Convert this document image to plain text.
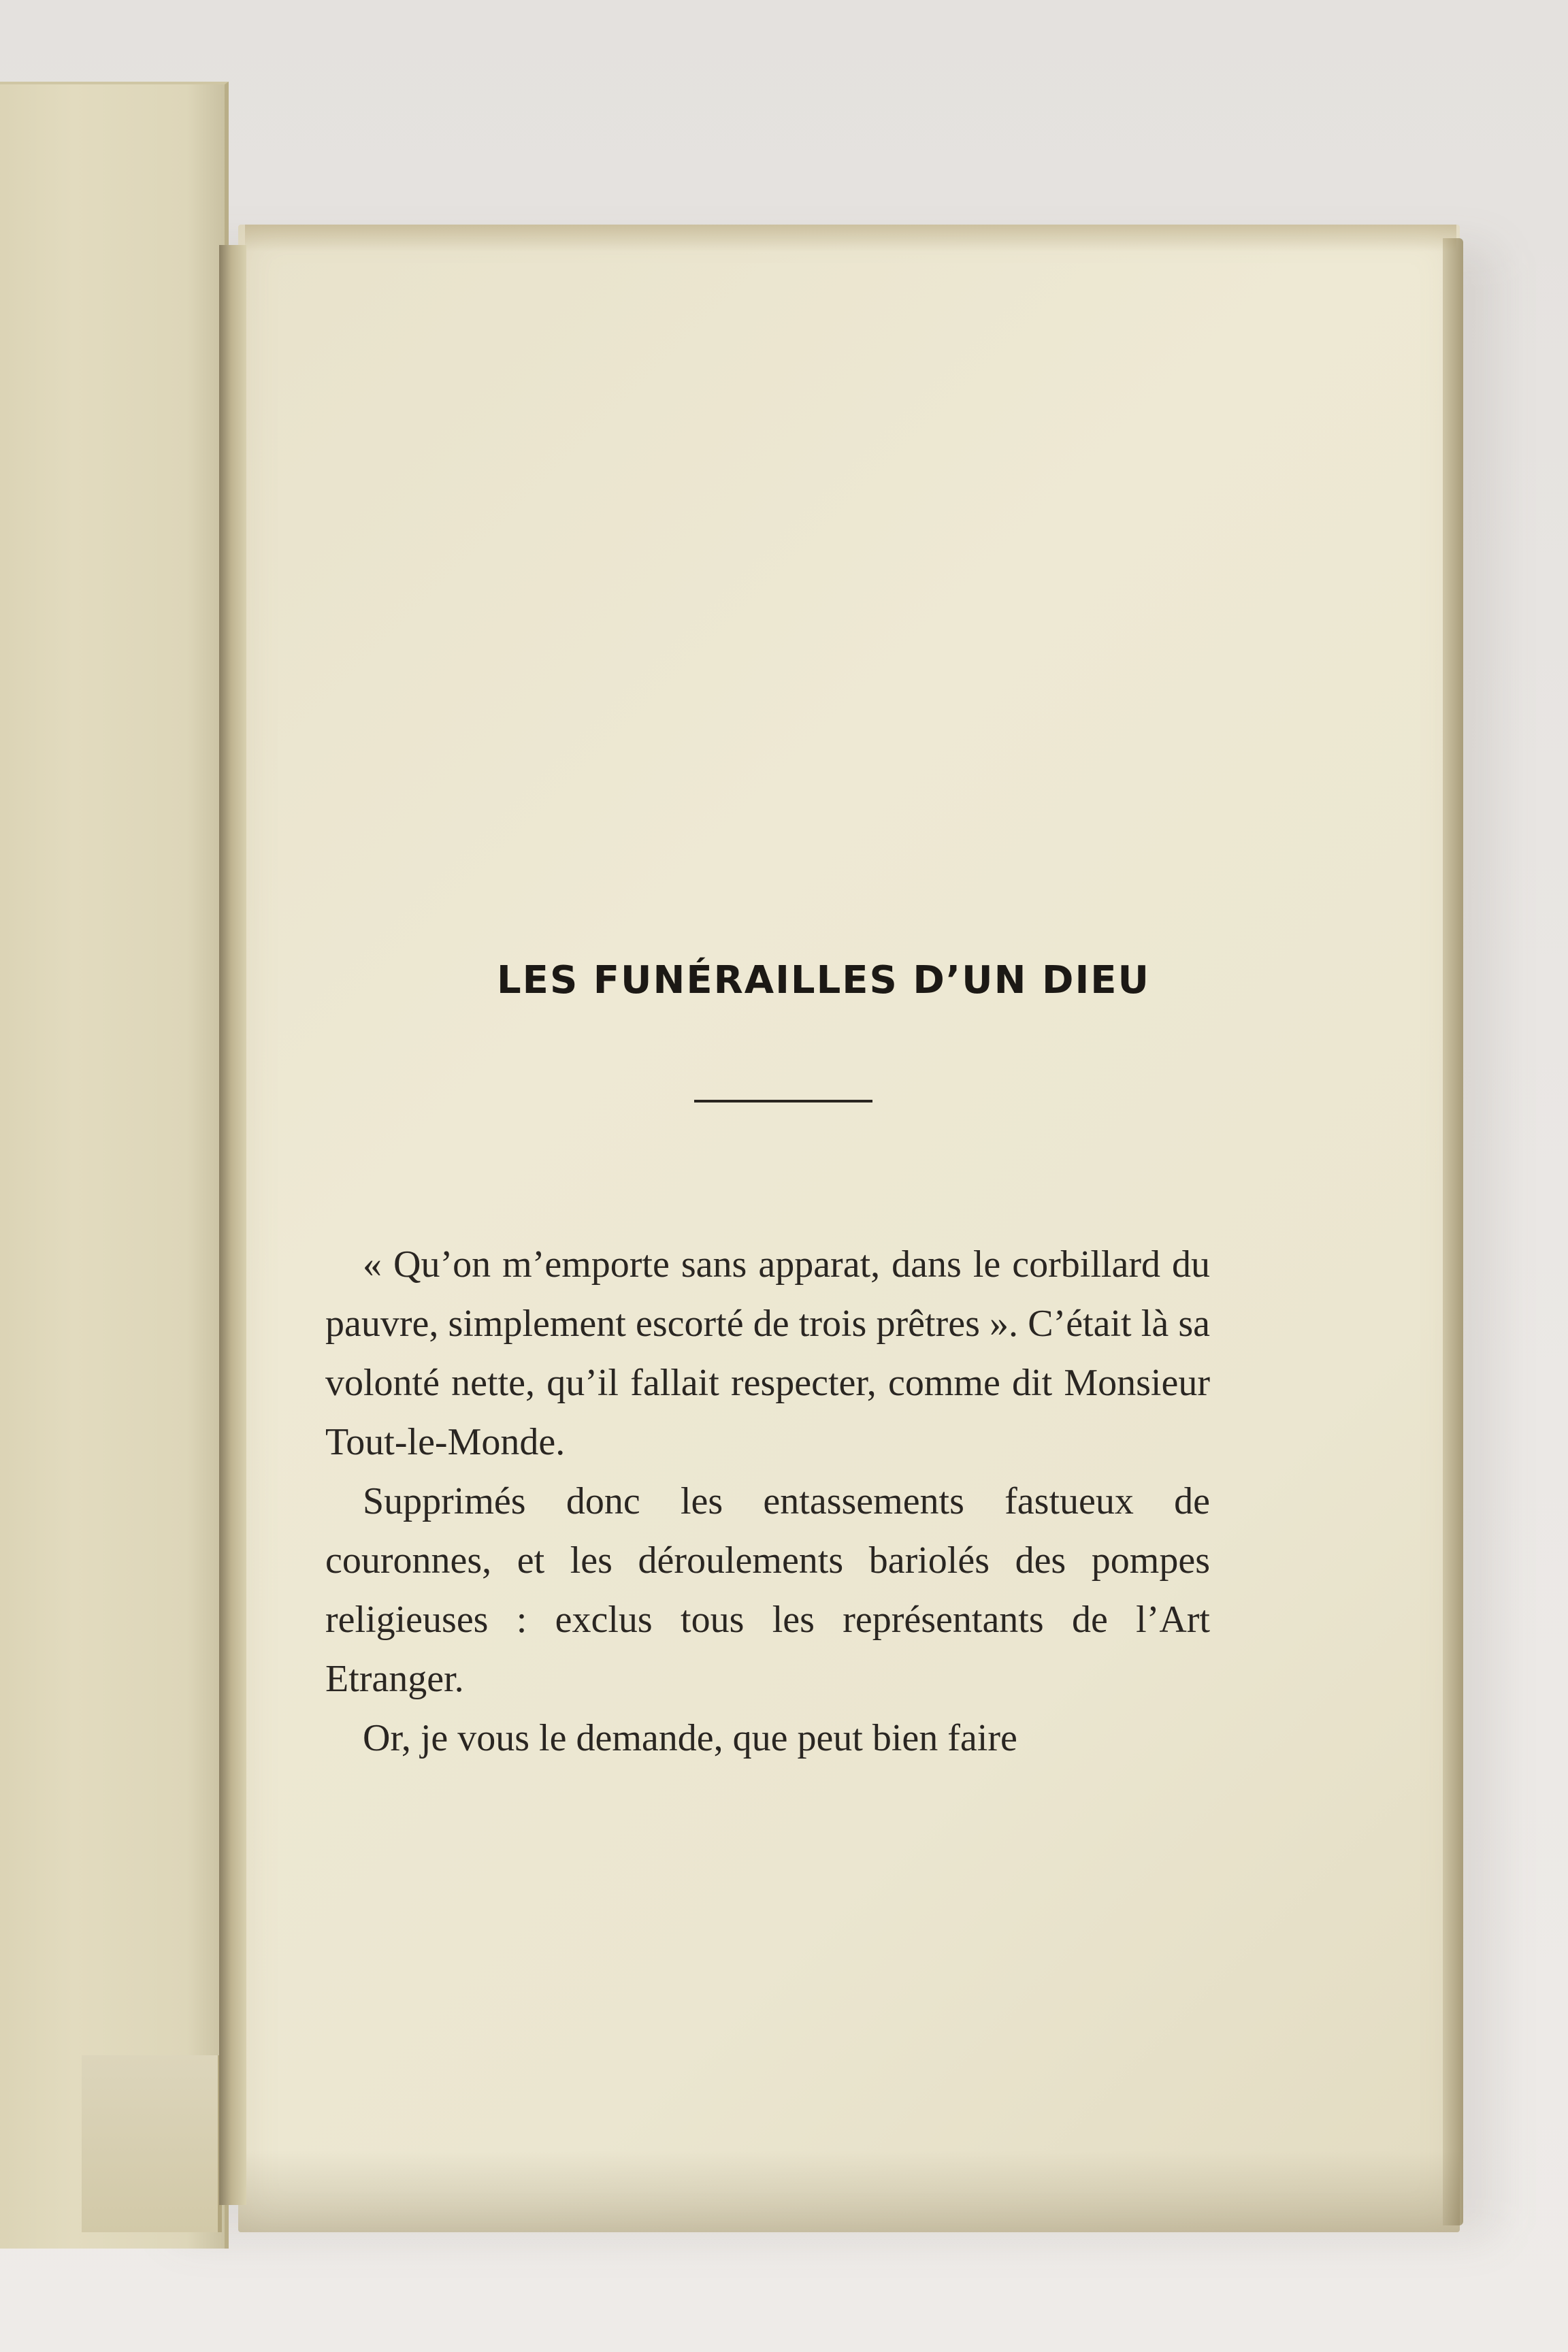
LES FUNÉRAILLES D’UN DIEU

« Qu’on m’emporte sans apparat, dans le corbillard du pauvre, simplement escorté de trois prêtres ». C’était là sa volonté nette, qu’il fallait respecter, comme dit Monsieur Tout-le-Monde.

Supprimés donc les entassements fastueux de couronnes, et les déroulements bariolés des pompes religieuses : exclus tous les représentants de l’Art Etranger.

Or, je vous le demande, que peut bien faire
